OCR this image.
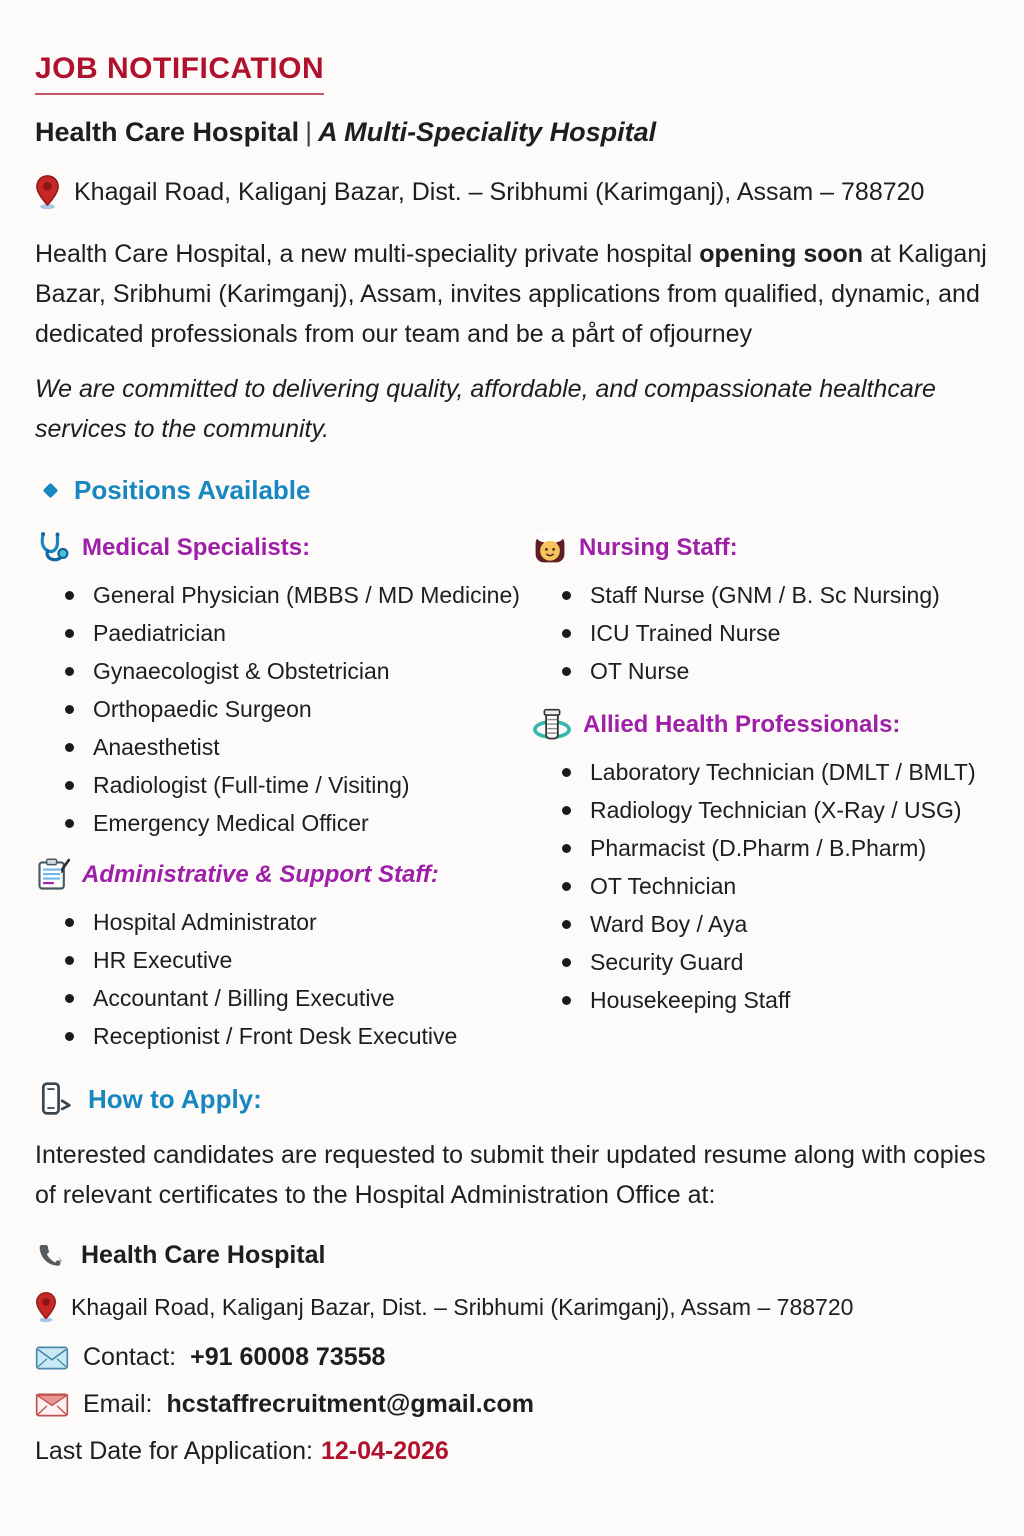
JOB NOTIFICATION
Health Care Hospital | A Multi-Speciality Hospital
Khagail Road, Kaliganj Bazar, Dist. – Sribhumi (Karimganj), Assam – 788720

Health Care Hospital, a new multi-speciality private hospital opening soon at Kaliganj Bazar, Sribhumi (Karimganj), Assam, invites applications from qualified, dynamic, and dedicated professionals from our team and be a pårt of ofjourney

We are committed to delivering quality, affordable, and compassionate healthcare services to the community.

Positions Available
Medical Specialists:
General Physician (MBBS / MD Medicine)
Paediatrician
Gynaecologist & Obstetrician
Orthopaedic Surgeon
Anaesthetist
Radiologist (Full-time / Visiting)
Emergency Medical Officer
Administrative & Support Staff:
Hospital Administrator
HR Executive
Accountant / Billing Executive
Receptionist / Front Desk Executive
Nursing Staff:
Staff Nurse (GNM / B. Sc Nursing)
ICU Trained Nurse
OT Nurse
Allied Health Professionals:
Laboratory Technician (DMLT / BMLT)
Radiology Technician (X-Ray / USG)
Pharmacist (D.Pharm / B.Pharm)
OT Technician
Ward Boy / Aya
Security Guard
Housekeeping Staff
How to Apply:

Interested candidates are requested to submit their updated resume along with copies of relevant certificates to the Hospital Administration Office at:

Health Care Hospital
Khagail Road, Kaliganj Bazar, Dist. – Sribhumi (Karimganj), Assam – 788720
Contact: +91 60008 73558
Email: hcstaffrecruitment@gmail.com
Last Date for Application: 12-04-2026
